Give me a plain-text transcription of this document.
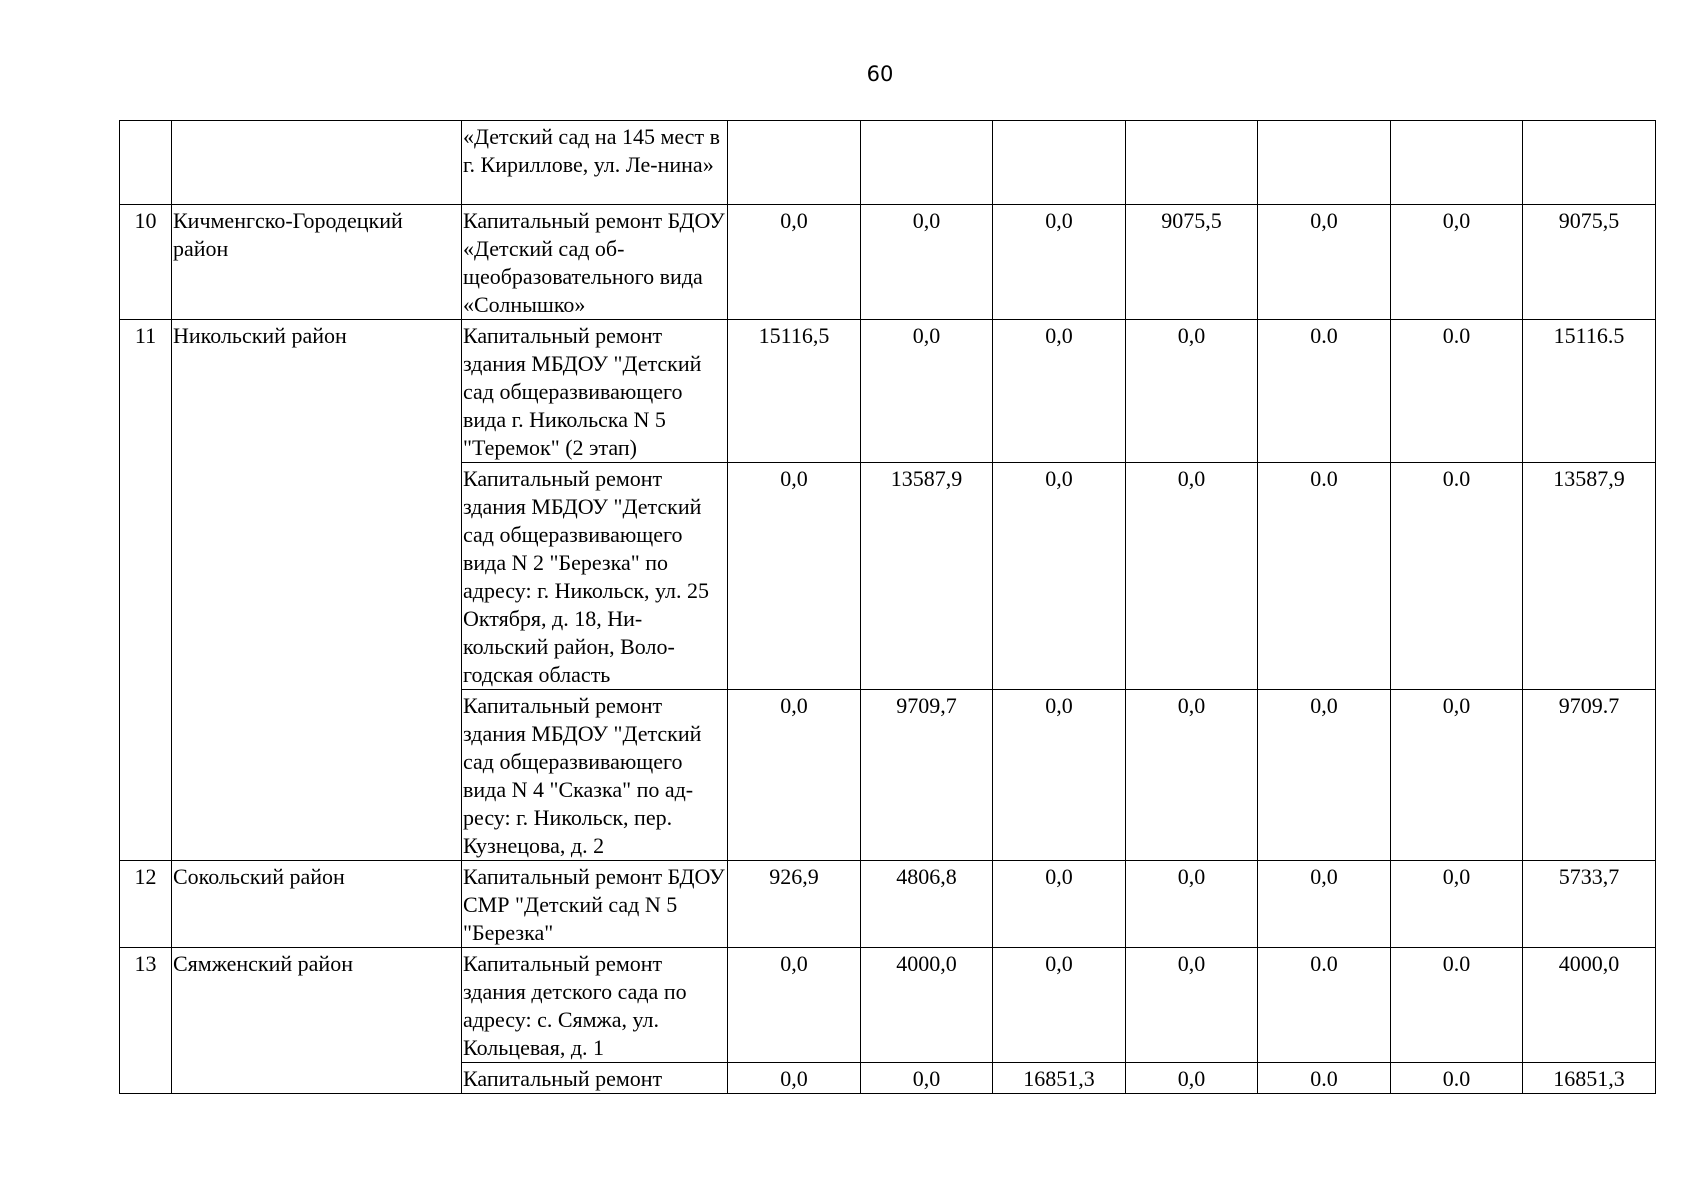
60
		«Детский сад на 145 мест в г. Кириллове, ул. Ле-нина»							
10	Кичменгско-Городецкий район	Капитальный ремонт БДОУ «Детский сад об-щеобразовательного вида «Солнышко»	0,0	0,0	0,0	9075,5	0,0	0,0	9075,5
11	Никольский район	Капитальный ремонт здания МБДОУ "Детский сад общеразвивающего вида г. Никольска N 5 "Теремок" (2 этап)	15116,5	0,0	0,0	0,0	0.0	0.0	15116.5
		Капитальный ремонт здания МБДОУ "Детский сад общеразвивающего вида N 2 "Березка" по адресу: г. Никольск, ул. 25 Октября, д. 18, Ни-кольский район, Воло-годская область	0,0	13587,9	0,0	0,0	0.0	0.0	13587,9
		Капитальный ремонт здания МБДОУ "Детский сад общеразвивающего вида N 4 "Сказка" по ад-ресу: г. Никольск, пер. Кузнецова, д. 2	0,0	9709,7	0,0	0,0	0,0	0,0	9709.7
12	Сокольский район	Капитальный ремонт БДОУ СМР "Детский сад N 5 "Березка"	926,9	4806,8	0,0	0,0	0,0	0,0	5733,7
13	Сямженский район	Капитальный ремонт здания детского сада по адресу: с. Сямжа, ул. Кольцевая, д. 1	0,0	4000,0	0,0	0,0	0.0	0.0	4000,0
		Капитальный ремонт	0,0	0,0	16851,3	0,0	0.0	0.0	16851,3
